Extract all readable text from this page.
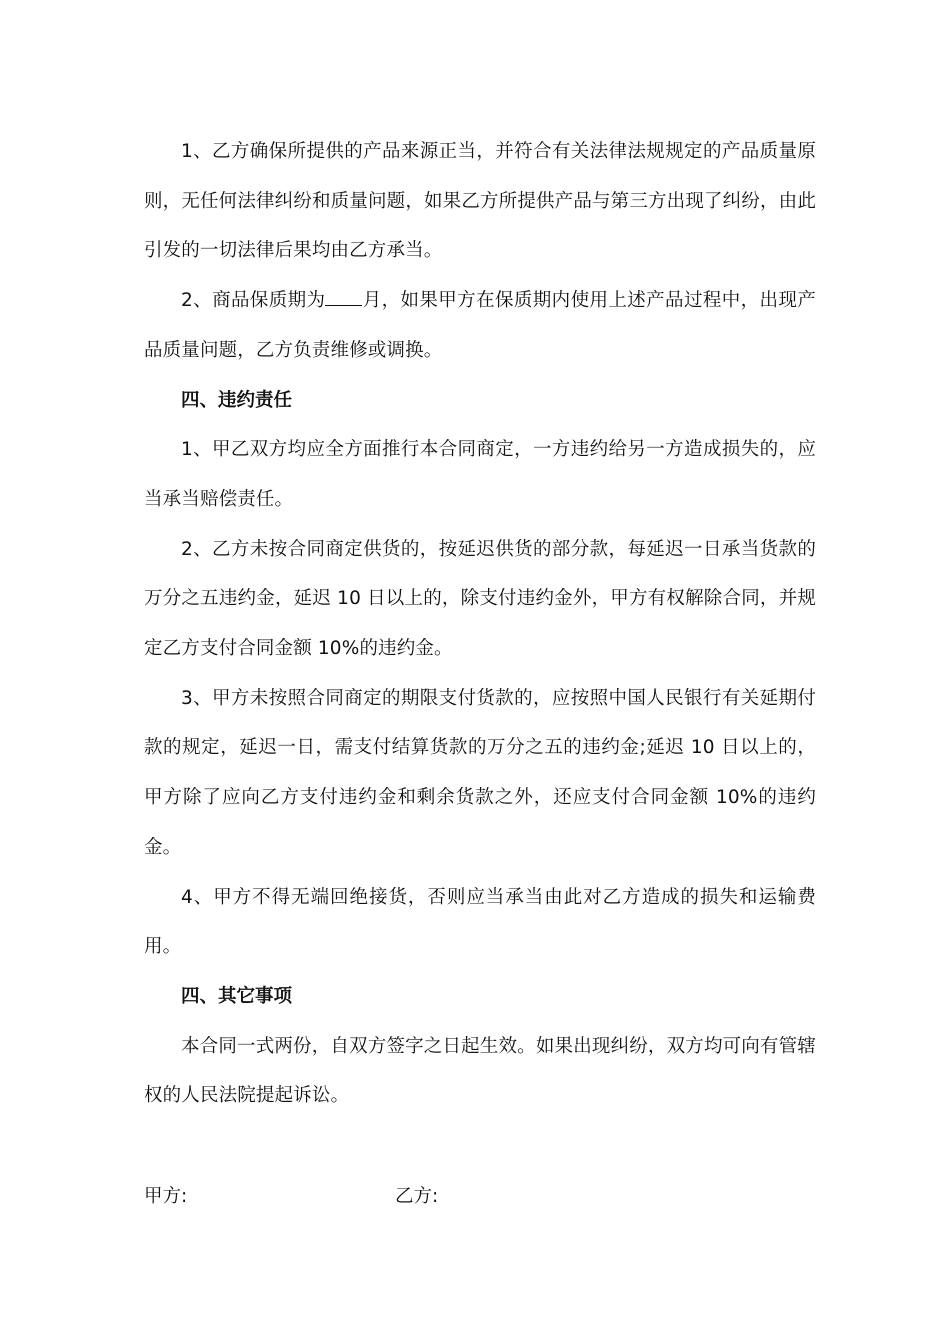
1、乙方确保所提供的产品来源正当，并符合有关法律法规规定的产品质量原则，无任何法律纠纷和质量问题，如果乙方所提供产品与第三方出现了纠纷，由此引发的一切法律后果均由乙方承当。

2、商品保质期为 月，如果甲方在保质期内使用上述产品过程中，出现产品质量问题，乙方负责维修或调换。

四、违约责任

1、甲乙双方均应全方面推行本合同商定，一方违约给另一方造成损失的，应当承当赔偿责任。

2、乙方未按合同商定供货的，按延迟供货的部分款，每延迟一日承当货款的万分之五违约金，延迟 10 日以上的，除支付违约金外，甲方有权解除合同，并规定乙方支付合同金额 10%的违约金。

3、甲方未按照合同商定的期限支付货款的，应按照中国人民银行有关延期付款的规定，延迟一日，需支付结算货款的万分之五的违约金;延迟 10 日以上的，甲方除了应向乙方支付违约金和剩余货款之外，还应支付合同金额 10%的违约金。

4、甲方不得无端回绝接货，否则应当承当由此对乙方造成的损失和运输费用。

四、其它事项

本合同一式两份，自双方签字之日起生效。如果出现纠纷，双方均可向有管辖权的人民法院提起诉讼。

甲方:	乙方:
